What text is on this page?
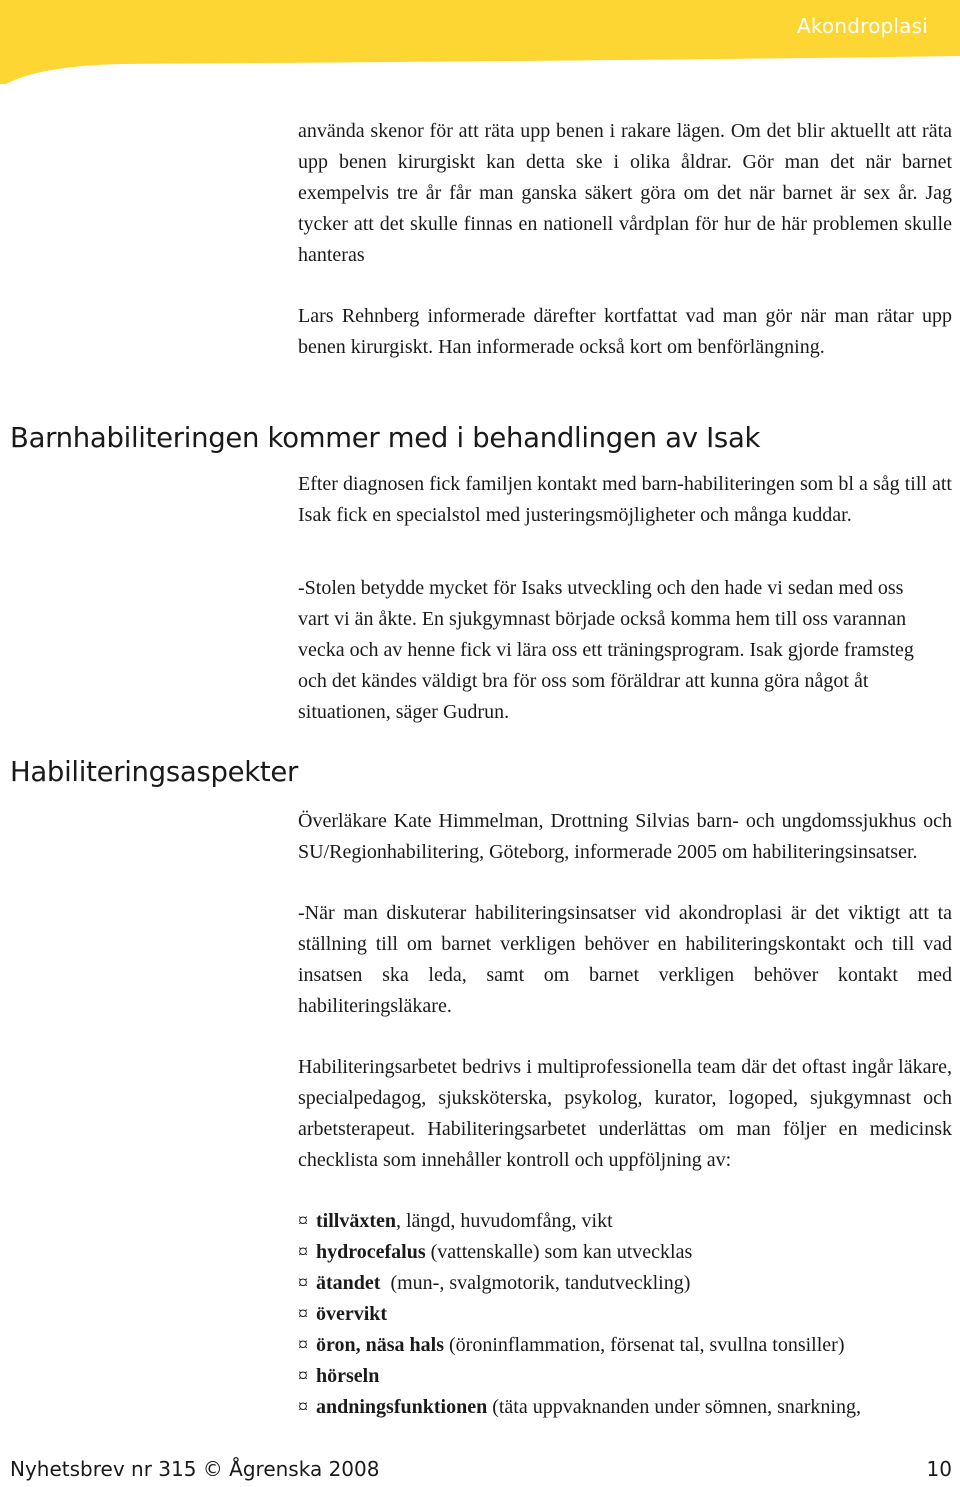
Akondroplasi

använda skenor för att räta upp benen i rakare lägen. Om det blir aktuellt att räta upp benen kirurgiskt kan detta ske i olika åldrar. Gör man det när barnet exempelvis tre år får man ganska säkert göra om det när barnet är sex år. Jag tycker att det skulle finnas en nationell vårdplan för hur de här problemen skulle hanteras

Lars Rehnberg informerade därefter kortfattat vad man gör när man rätar upp benen kirurgiskt. Han informerade också kort om benförlängning.

Barnhabiliteringen kommer med i behandlingen av Isak

Efter diagnosen fick familjen kontakt med barn-habiliteringen som bl a såg till att Isak fick en specialstol med justeringsmöjligheter och många kuddar.

-Stolen betydde mycket för Isaks utveckling och den hade vi sedan med oss vart vi än åkte. En sjukgymnast började också komma hem till oss varannan vecka och av henne fick vi lära oss ett träningsprogram. Isak gjorde framsteg och det kändes väldigt bra för oss som föräldrar att kunna göra något åt situationen, säger Gudrun.

Habiliteringsaspekter

Överläkare Kate Himmelman, Drottning Silvias barn- och ungdomssjukhus och SU/Regionhabilitering, Göteborg, informerade 2005 om habiliteringsinsatser.

-När man diskuterar habiliteringsinsatser vid akondroplasi är det viktigt att ta ställning till om barnet verkligen behöver en habiliteringskontakt och till vad insatsen ska leda, samt om barnet verkligen behöver kontakt med habiliteringsläkare.

Habiliteringsarbetet bedrivs i multiprofessionella team där det oftast ingår läkare, specialpedagog, sjuksköterska, psykolog, kurator, logoped, sjukgymnast och arbetsterapeut. Habiliteringsarbetet underlättas om man följer en medicinsk checklista som innehåller kontroll och uppföljning av:

¤ tillväxten, längd, huvudomfång, vikt
¤ hydrocefalus (vattenskalle) som kan utvecklas
¤ ätandet  (mun-, svalgmotorik, tandutveckling)
¤ övervikt
¤ öron, näsa hals (öroninflammation, försenat tal, svullna tonsiller)
¤ hörseln
¤ andningsfunktionen (täta uppvaknanden under sömnen, snarkning,
Nyhetsbrev nr 315 © Ågrenska 2008	10
